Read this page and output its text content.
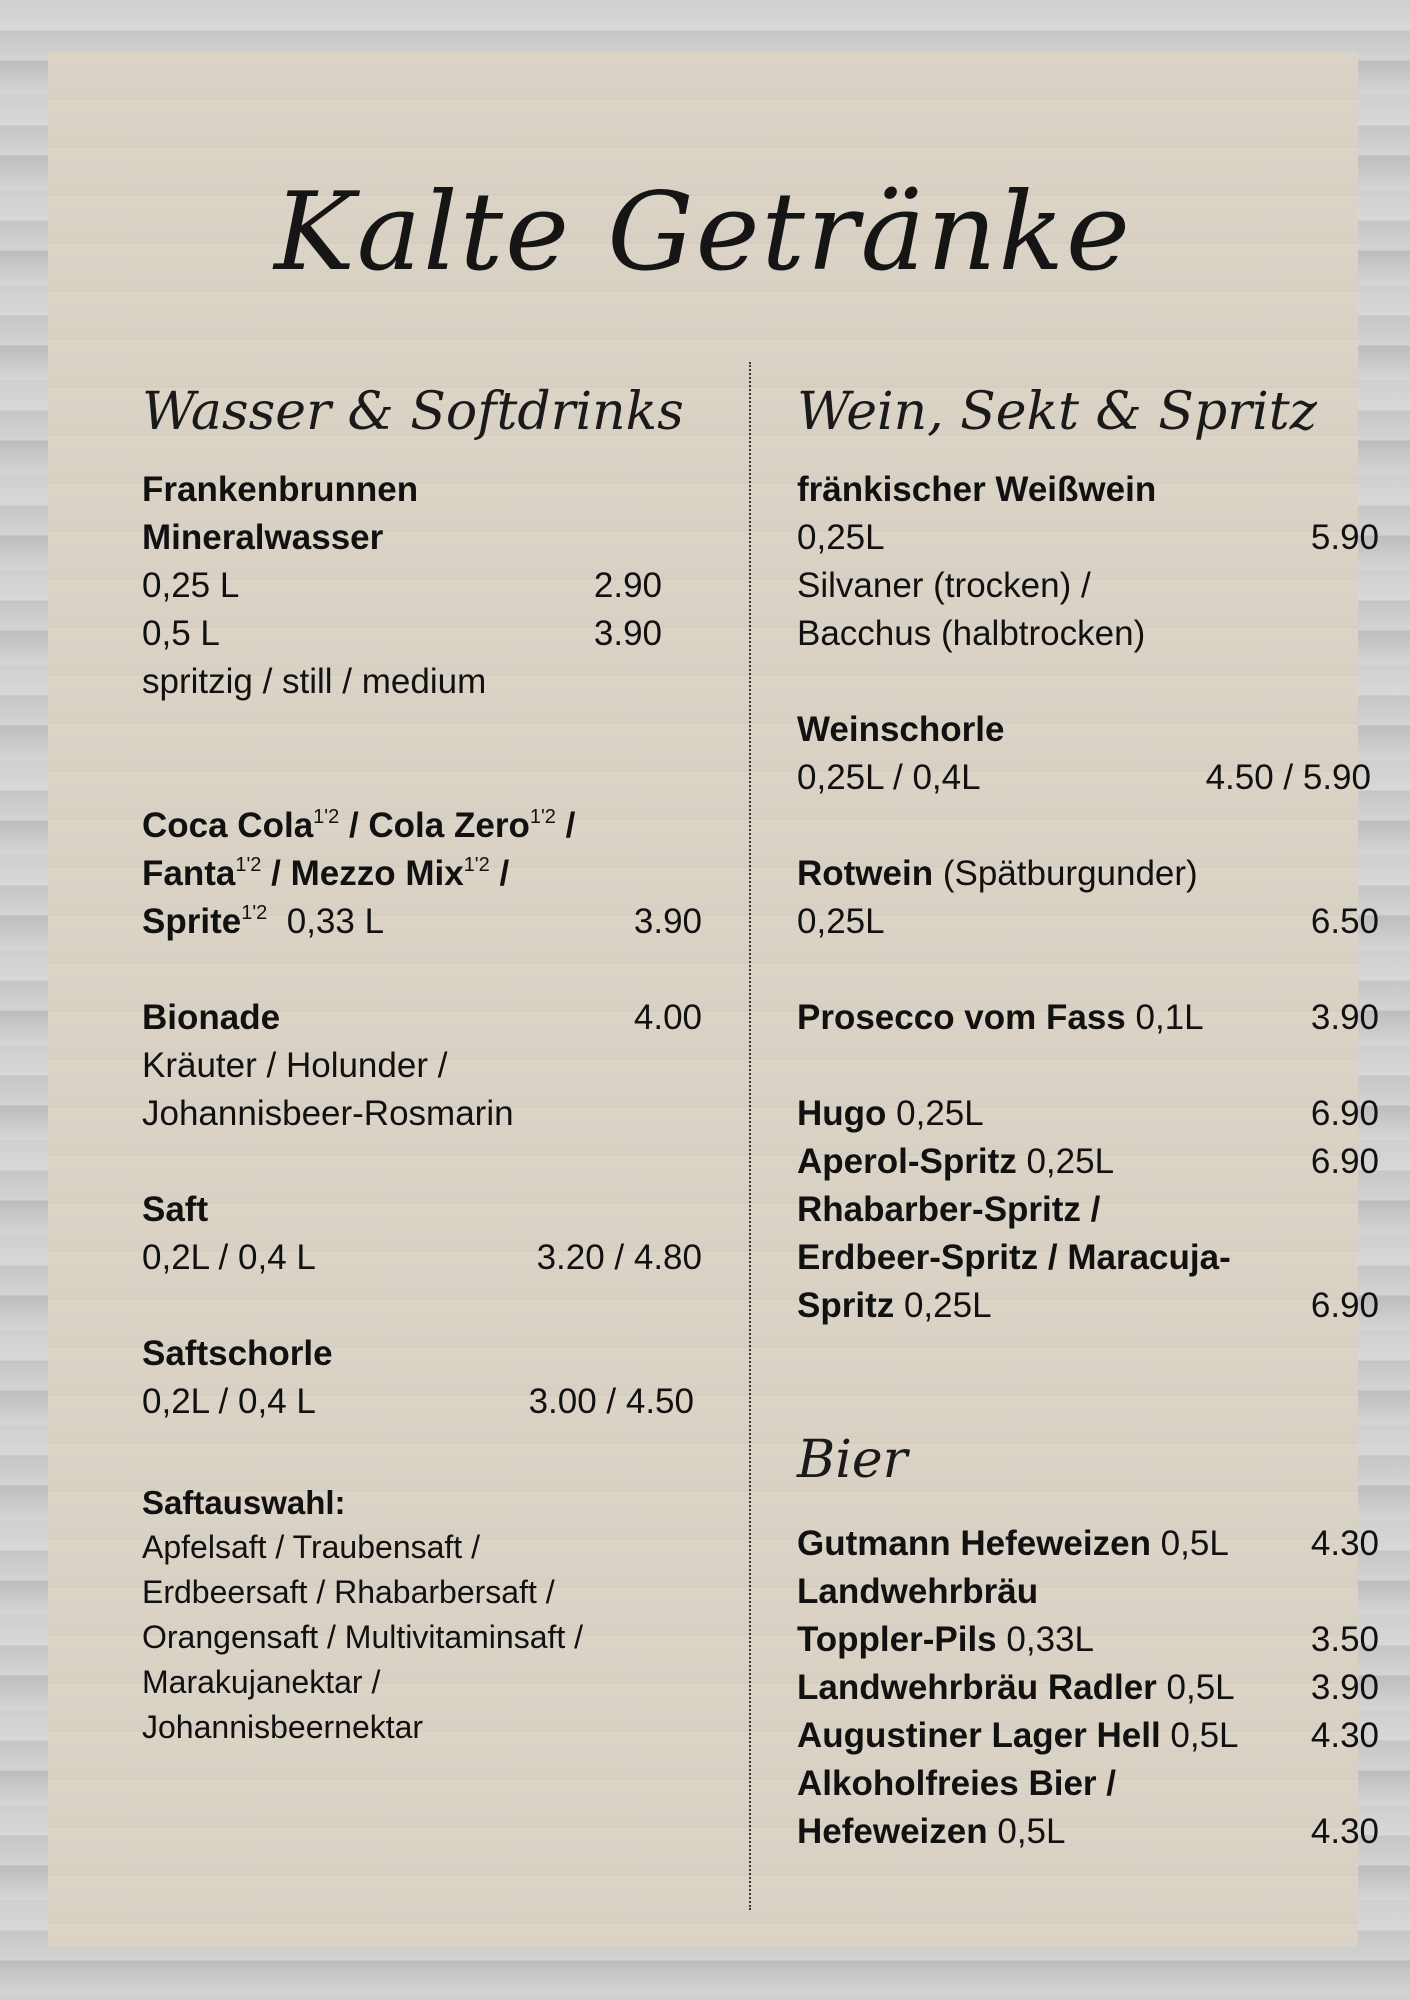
Kalte Getränke
Wasser & Softdrinks
Frankenbrunnen
Mineralwasser
0,25 L	2.90
0,5 L	3.90
spritzig / still / medium
Coca Cola$^{1'2}$ / Cola Zero$^{1'2}$ /
Fanta$^{1'2}$ / Mezzo Mix$^{1'2}$ /
Sprite$^{1'2}$  0,33 L	3.90
Bionade	4.00
Kräuter / Holunder /
Johannisbeer-Rosmarin
Saft
0,2L / 0,4 L	3.20 / 4.80
Saftschorle
0,2L / 0,4 L	3.00 / 4.50
Saftauswahl:
Apfelsaft / Traubensaft /
Erdbeersaft / Rhabarbersaft /
Orangensaft / Multivitaminsaft /
Marakujanektar /
Johannisbeernektar
Wein, Sekt & Spritz
fränkischer Weißwein
0,25L	5.90
Silvaner (trocken) /
Bacchus (halbtrocken)
Weinschorle
0,25L / 0,4L	4.50 / 5.90
Rotwein (Spätburgunder)
0,25L	6.50
Prosecco vom Fass 0,1L	3.90
Hugo 0,25L	6.90
Aperol-Spritz 0,25L	6.90
Rhabarber-Spritz /
Erdbeer-Spritz / Maracuja-
Spritz 0,25L	6.90
Bier
Gutmann Hefeweizen 0,5L 4.30
Landwehrbräu
Toppler-Pils 0,33L	3.50
Landwehrbräu Radler 0,5L 3.90
Augustiner Lager Hell 0,5L 4.30
Alkoholfreies Bier /
Hefeweizen 0,5L	4.30
